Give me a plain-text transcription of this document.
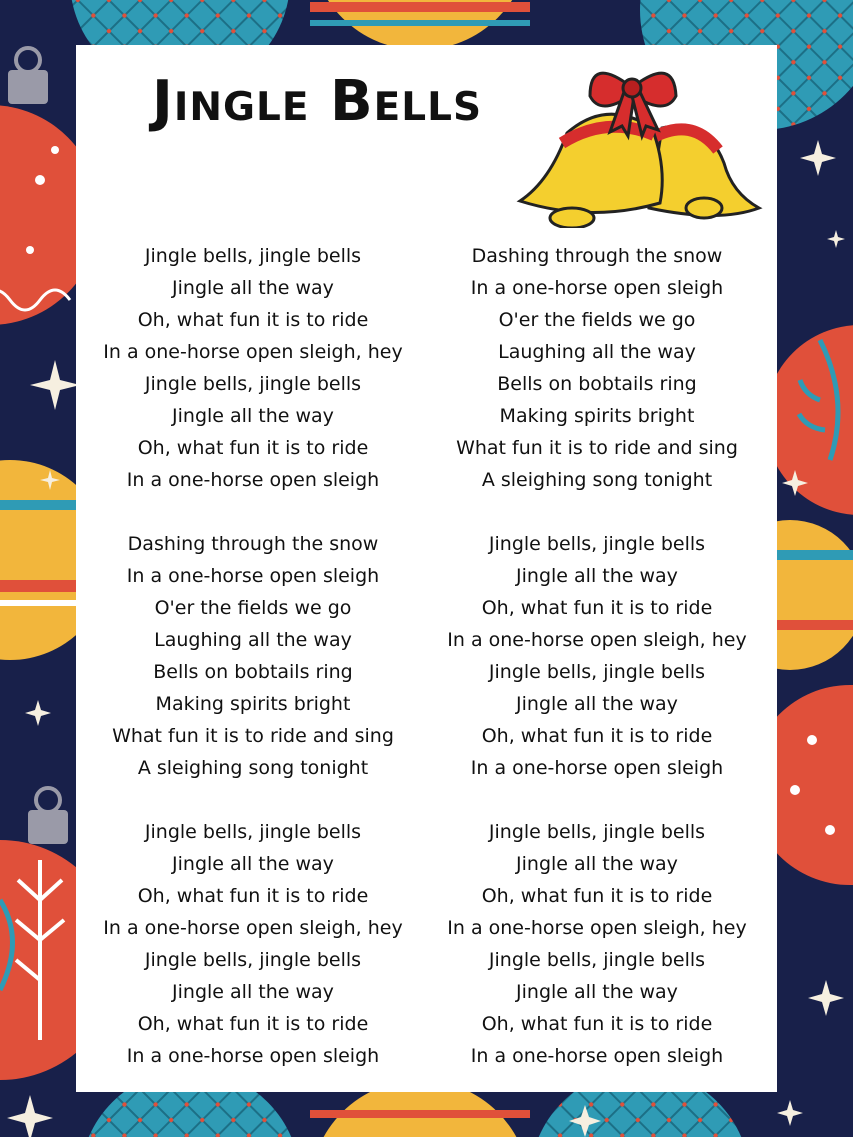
Jingle Bells
Jingle bells, jingle bells
Jingle all the way
Oh, what fun it is to ride
In a one-horse open sleigh, hey
Jingle bells, jingle bells
Jingle all the way
Oh, what fun it is to ride
In a one-horse open sleigh
Dashing through the snow
In a one-horse open sleigh
O'er the fields we go
Laughing all the way
Bells on bobtails ring
Making spirits bright
What fun it is to ride and sing
A sleighing song tonight
Jingle bells, jingle bells
Jingle all the way
Oh, what fun it is to ride
In a one-horse open sleigh, hey
Jingle bells, jingle bells
Jingle all the way
Oh, what fun it is to ride
In a one-horse open sleigh
Dashing through the snow
In a one-horse open sleigh
O'er the fields we go
Laughing all the way
Bells on bobtails ring
Making spirits bright
What fun it is to ride and sing
A sleighing song tonight
Jingle bells, jingle bells
Jingle all the way
Oh, what fun it is to ride
In a one-horse open sleigh, hey
Jingle bells, jingle bells
Jingle all the way
Oh, what fun it is to ride
In a one-horse open sleigh
Jingle bells, jingle bells
Jingle all the way
Oh, what fun it is to ride
In a one-horse open sleigh, hey
Jingle bells, jingle bells
Jingle all the way
Oh, what fun it is to ride
In a one-horse open sleigh
